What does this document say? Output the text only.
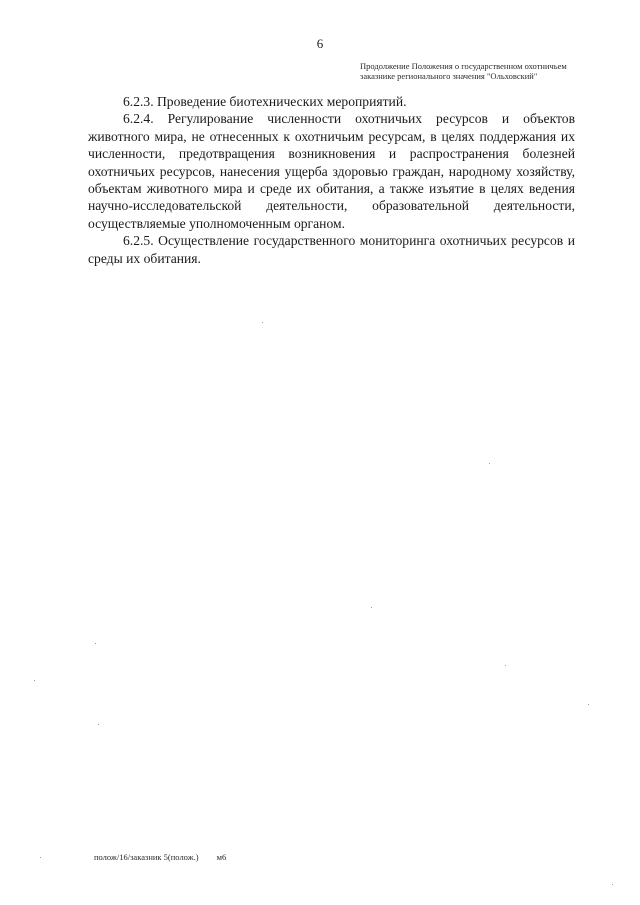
6
Продолжение Положения о государственном охотничьем
заказнике регионального значения "Ольховский"

6.2.3. Проведение биотехнических мероприятий.

6.2.4. Регулирование численности охотничьих ресурсов и объектов животного мира, не отнесенных к охотничьим ресурсам, в целях поддержания их численности, предотвращения возникновения и распространения болезней охотничьих ресурсов, нанесения ущерба здоровью граждан, народному хозяйству, объектам животного мира и среде их обитания, а также изъятие в целях ведения научно-исследовательской деятельности, образовательной деятельности, осуществляемые уполномоченным органом.

6.2.5. Осуществление государственного мониторинга охотничьих ресурсов и среды их обитания.

полож/16/заказник 5(полож.) м6
